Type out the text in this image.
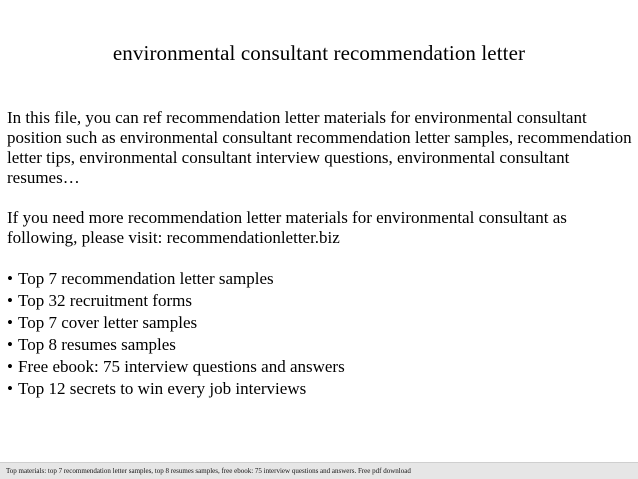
environmental consultant recommendation letter

In this file, you can ref recommendation letter materials for environmental consultant position such as environmental consultant recommendation letter samples, recommendation letter tips, environmental consultant interview questions, environmental consultant resumes…

If you need more recommendation letter materials for environmental consultant as following, please visit: recommendationletter.biz

• Top 7 recommendation letter samples
• Top 32 recruitment forms
• Top 7 cover letter samples
• Top 8 resumes samples
• Free ebook: 75 interview questions and answers
• Top 12 secrets to win every job interviews
Top materials: top 7 recommendation letter samples, top 8 resumes samples, free ebook: 75 interview questions and answers. Free pdf download
